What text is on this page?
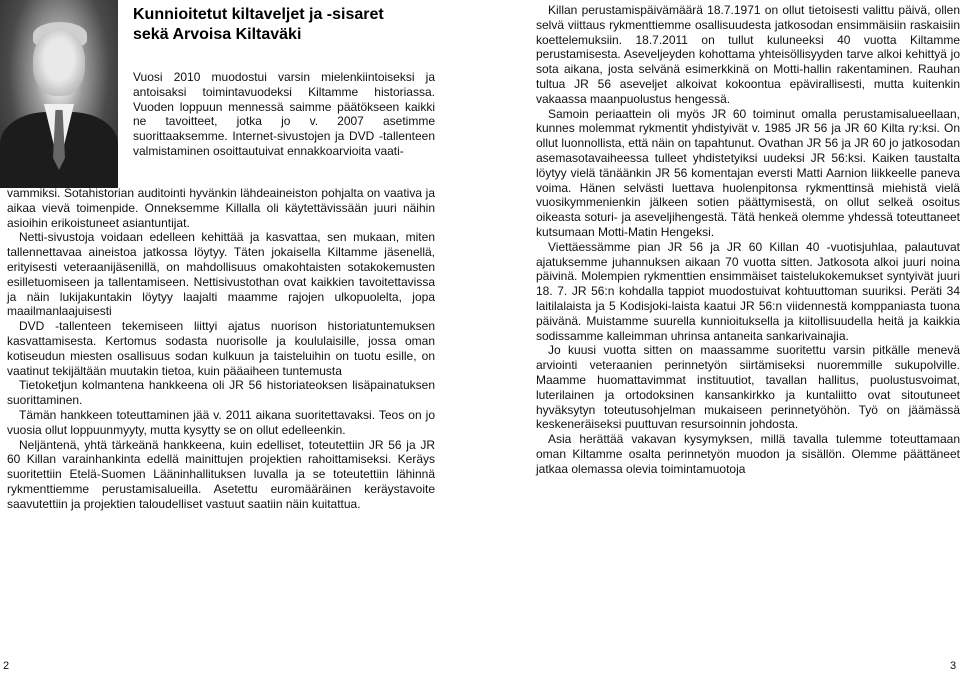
Kunnioitetut kiltaveljet ja -sisaret
sekä Arvoisa Kiltaväki

Vuosi 2010 muodostui varsin mielenkiintoiseksi ja antoisaksi toimintavuodeksi Kiltamme historiassa. Vuoden loppuun mennessä saimme päätökseen kaikki ne tavoitteet, jotka jo v. 2007 asetimme suorittaaksemme. Internet-sivustojen ja DVD -tallenteen valmistaminen osoittautuivat ennakkoarvioita vaati-

vammiksi. Sotahistorian auditointi hyvänkin lähdeaineiston pohjalta on vaativa ja aikaa vievä toimenpide. Onneksemme Killalla oli käytettävissään juuri näihin asioihin erikoistuneet asiantuntijat.

Netti-sivustoja voidaan edelleen kehittää ja kasvattaa, sen mukaan, miten tallennettavaa aineistoa jatkossa löytyy. Täten jokaisella Kiltamme jäsenellä, erityisesti veteraanijäsenillä, on mahdollisuus omakohtaisten sotakokemusten esilletuomiseen ja tallentamiseen. Nettisivustothan ovat kaikkien tavoitettavissa ja näin lukijakuntakin löytyy laajalti maamme rajojen ulkopuolelta, jopa maailmanlaajuisesti

DVD -tallenteen tekemiseen liittyi ajatus nuorison historiatuntemuksen kasvattamisesta. Kertomus sodasta nuorisolle ja koululaisille, jossa oman kotiseudun miesten osallisuus sodan kulkuun ja taisteluihin on tuotu esille, on vaatinut tekijältään muutakin tietoa, kuin pääaiheen tuntemusta

Tietoketjun kolmantena hankkeena oli JR 56 historiateoksen lisäpainatuksen suorittaminen.

Tämän hankkeen toteuttaminen jää v. 2011 aikana suoritettavaksi. Teos on jo vuosia ollut loppuunmyyty, mutta kysytty se on ollut edelleenkin.

Neljäntenä, yhtä tärkeänä hankkeena, kuin edelliset, toteutettiin JR 56 ja JR 60 Killan varainhankinta edellä mainittujen projektien rahoittamiseksi. Keräys suoritettiin Etelä-Suomen Lääninhallituksen luvalla ja se toteutettiin lähinnä rykmenttiemme perustamisalueilla. Asetettu euromääräinen keräystavoite saavutettiin ja projektien taloudelliset vastuut saatiin näin kuitattua.

Killan perustamispäivämäärä 18.7.1971 on ollut tietoisesti valittu päivä, ollen selvä viittaus rykmenttiemme osallisuudesta jatkosodan ensimmäisiin raskaisiin koettelemuksiin. 18.7.2011 on tullut kuluneeksi 40 vuotta Kiltamme perustamisesta. Aseveljeyden kohottama yhteisöllisyyden tarve alkoi kehittyä jo sota aikana, josta selvänä esimerkkinä on Motti-hallin rakentaminen. Rauhan tultua JR 56 aseveljet alkoivat kokoontua epävirallisesti, mutta kuitenkin vakaassa maanpuolustus hengessä.

Samoin periaattein oli myös JR 60 toiminut omalla perustamisalueellaan, kunnes molemmat rykmentit yhdistyivät v. 1985 JR 56 ja JR 60 Kilta ry:ksi. On ollut luonnollista, että näin on tapahtunut. Ovathan JR 56 ja JR 60 jo jatkosodan asemasotavaiheessa tulleet yhdistetyiksi uudeksi JR 56:ksi. Kaiken taustalta löytyy vielä tänäänkin JR 56 komentajan eversti Matti Aarnion liikkeelle paneva voima. Hänen selvästi luettava huolenpitonsa rykmenttinsä miehistä vielä vuosikymmenienkin jälkeen sotien päättymisestä, on ollut selkeä osoitus oikeasta soturi- ja aseveljihengestä. Tätä henkeä olemme yhdessä toteuttaneet kutsumaan Motti-Matin Hengeksi.

Viettäessämme pian JR 56 ja JR 60 Killan 40 -vuotisjuhlaa, palautuvat ajatuksemme juhannuksen aikaan 70 vuotta sitten. Jatkosota alkoi juuri noina päivinä. Molempien rykmenttien ensimmäiset taistelukokemukset syntyivät juuri 18. 7. JR 56:n kohdalla tappiot muodostuivat kohtuuttoman suuriksi. Peräti 34 laitilalaista ja 5 Kodisjoki-laista kaatui JR 56:n viidennestä komppaniasta tuona päivänä. Muistamme suurella kunnioituksella ja kiitollisuudella heitä ja kaikkia sodissamme kalleimman uhrinsa antaneita sankarivainajia.

Jo kuusi vuotta sitten on maassamme suoritettu varsin pitkälle menevä arviointi veteraanien perinnetyön siirtämiseksi nuoremmille sukupolville. Maamme huomattavimmat instituutiot, tavallan hallitus, puolustusvoimat, luterilainen ja ortodoksinen kansankirkko ja kuntaliitto ovat sitoutuneet hyväksytyn toteutusohjelman mukaiseen perinnetyöhön. Työ on jäämässä keskeneräiseksi puuttuvan resursoinnin johdosta.

Asia herättää vakavan kysymyksen, millä tavalla tulemme toteuttamaan oman Kiltamme osalta perinnetyön muodon ja sisällön. Olemme päättäneet jatkaa olemassa olevia toimintamuotoja

2	3
